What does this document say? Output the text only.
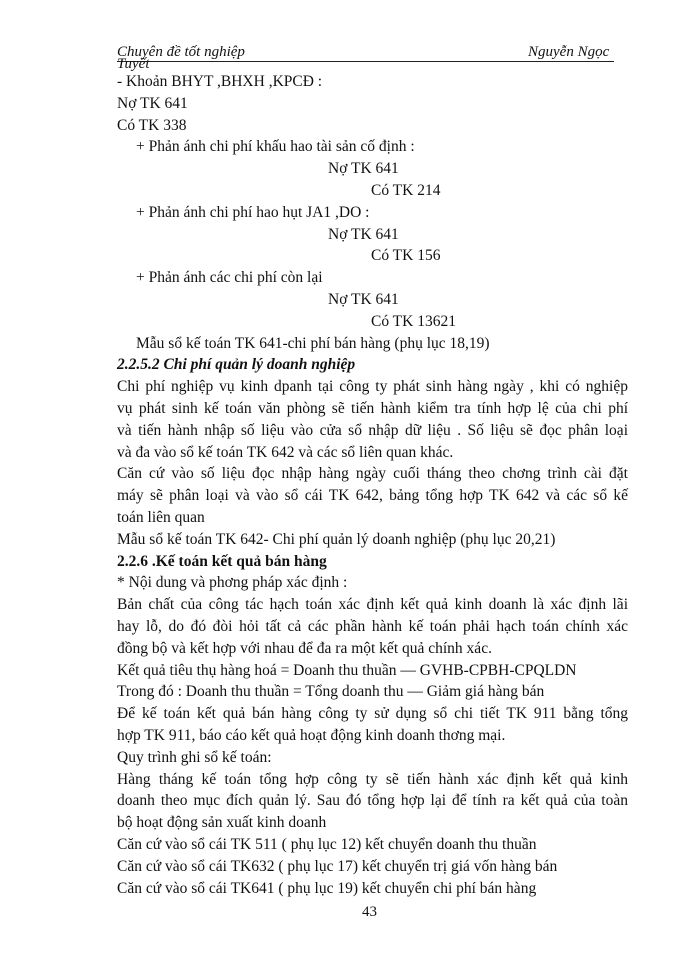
Chuyên đề tốt nghiệp	Nguyễn Ngọc
Tuyết
- Khoản BHYT ,BHXH ,KPCĐ :
Nợ TK 641
Có TK 338
+ Phản ánh chi phí khấu hao tài sản cố định :
Nợ TK 641
Có TK 214
+ Phản ánh chi phí hao hụt JA1 ,DO :
Nợ TK 641
Có TK 156
+ Phản ánh các chi phí còn lại
Nợ TK 641
Có TK 13621
Mẫu sổ kế toán TK 641-chi phí bán hàng (phụ lục 18,19)
2.2.5.2 Chi phí quản lý doanh nghiệp
Chi phí nghiệp vụ kinh dpanh tại công ty phát sinh hàng ngày , khi có nghiệp
vụ phát sinh kế toán văn phòng sẽ tiến hành kiểm tra tính hợp lệ của chi phí
và tiến hành nhập số liệu vào cửa sổ nhập dữ liệu . Số liệu sẽ đọc phân loại
và đa vào sổ kế toán TK 642 và các sổ liên quan khác.
Căn cứ vào số liệu đọc nhập hàng ngày cuối tháng theo chơng trình cài đặt
máy sẽ phân loại và vào sổ cái TK 642, bảng tổng hợp TK 642 và các sổ kế
toán liên quan
Mẫu sổ kế toán TK 642- Chi phí quản lý doanh nghiệp (phụ lục 20,21)
2.2.6 .Kế toán kết quả bán hàng
* Nội dung và phơng pháp xác định :
Bản chất của công tác hạch toán xác định kết quả kinh doanh là xác định lãi
hay lỗ, do đó đòi hỏi tất cả các phần hành kế toán phải hạch toán chính xác
đồng bộ và kết hợp với nhau để đa ra một kết quả chính xác.
Kết quả tiêu thụ hàng hoá = Doanh thu thuần — GVHB-CPBH-CPQLDN
Trong đó : Doanh thu thuần = Tổng doanh thu — Giảm giá hàng bán
Để kế toán kết quả bán hàng công ty sử dụng sổ chi tiết TK 911 bằng tổng
hợp TK 911, báo cáo kết quả hoạt động kinh doanh thơng mại.
Quy trình ghi sổ kế toán:
Hàng tháng kế toán tổng hợp công ty sẽ tiến hành xác định kết quả kinh
doanh theo mục đích quản lý. Sau đó tổng hợp lại để tính ra kết quả của toàn
bộ hoạt động sản xuất kinh doanh
Căn cứ vào sổ cái TK 511 ( phụ lục 12) kết chuyển doanh thu thuần
Căn cứ vào sổ cái TK632 ( phụ lục 17) kết chuyển trị giá vốn hàng bán
Căn cứ vào sổ cái TK641 ( phụ lục 19) kết chuyển chi phí bán hàng
43
